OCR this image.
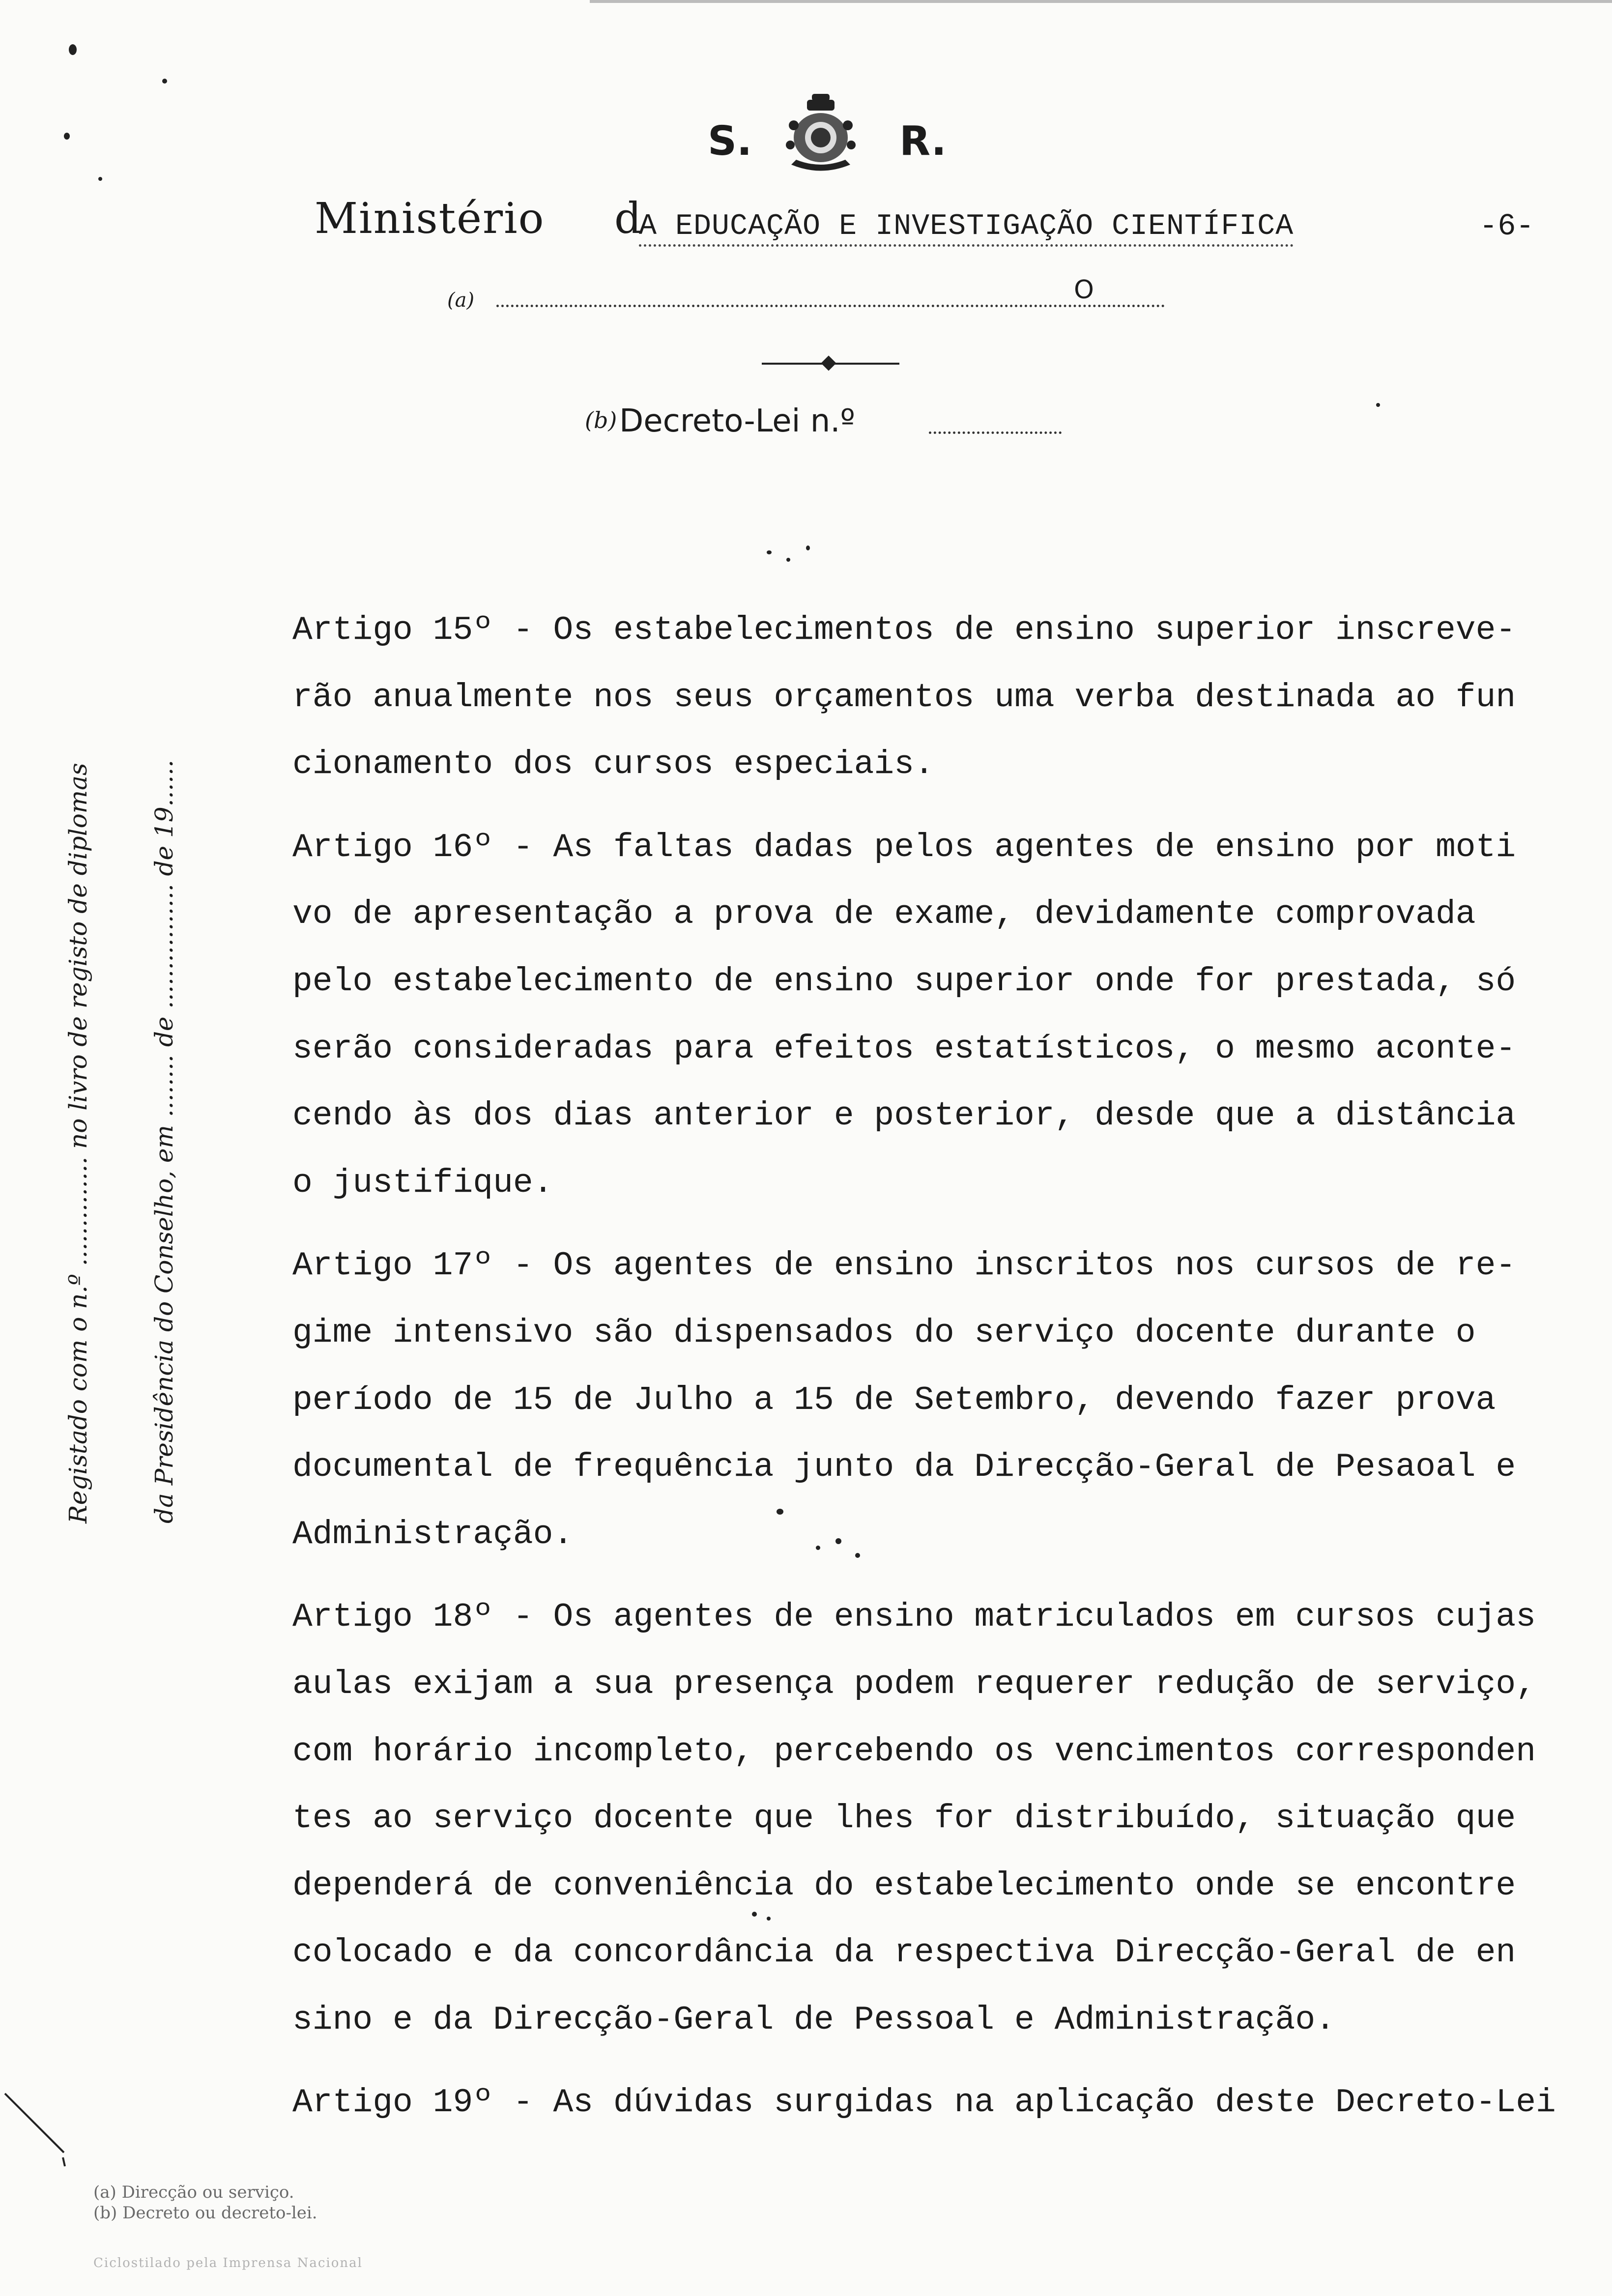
S.	R.
Ministério d
A EDUCAÇÃO E INVESTIGAÇÃO CIENTÍFICA	-6-
(a)	O
(b) Decreto-Lei n.º
Registado com o n.º .............. no livro de registo de diplomas	da Presidência do Conselho, em ........ de ................ de 19......
Artigo 15º - Os estabelecimentos de ensino superior inscreve-
rão anualmente nos seus orçamentos uma verba destinada ao fun
cionamento dos cursos especiais.
Artigo 16º - As faltas dadas pelos agentes de ensino por moti
vo de apresentação a prova de exame, devidamente comprovada
pelo estabelecimento de ensino superior onde for prestada, só
serão consideradas para efeitos estatísticos, o mesmo aconte-
cendo às dos dias anterior e posterior, desde que a distância
o justifique.
Artigo 17º - Os agentes de ensino inscritos nos cursos de re-
gime intensivo são dispensados do serviço docente durante o
período de 15 de Julho a 15 de Setembro, devendo fazer prova
documental de frequência junto da Direcção-Geral de Pesaoal e
Administração.
Artigo 18º - Os agentes de ensino matriculados em cursos cujas
aulas exijam a sua presença podem requerer redução de serviço,
com horário incompleto, percebendo os vencimentos corresponden
tes ao serviço docente que lhes for distribuído, situação que
dependerá de conveniência do estabelecimento onde se encontre
colocado e da concordância da respectiva Direcção-Geral de en
sino e da Direcção-Geral de Pessoal e Administração.
Artigo 19º - As dúvidas surgidas na aplicação deste Decreto-Lei
(a) Direcção ou serviço.
(b) Decreto ou decreto-lei.
Ciclostilado pela Imprensa Nacional
